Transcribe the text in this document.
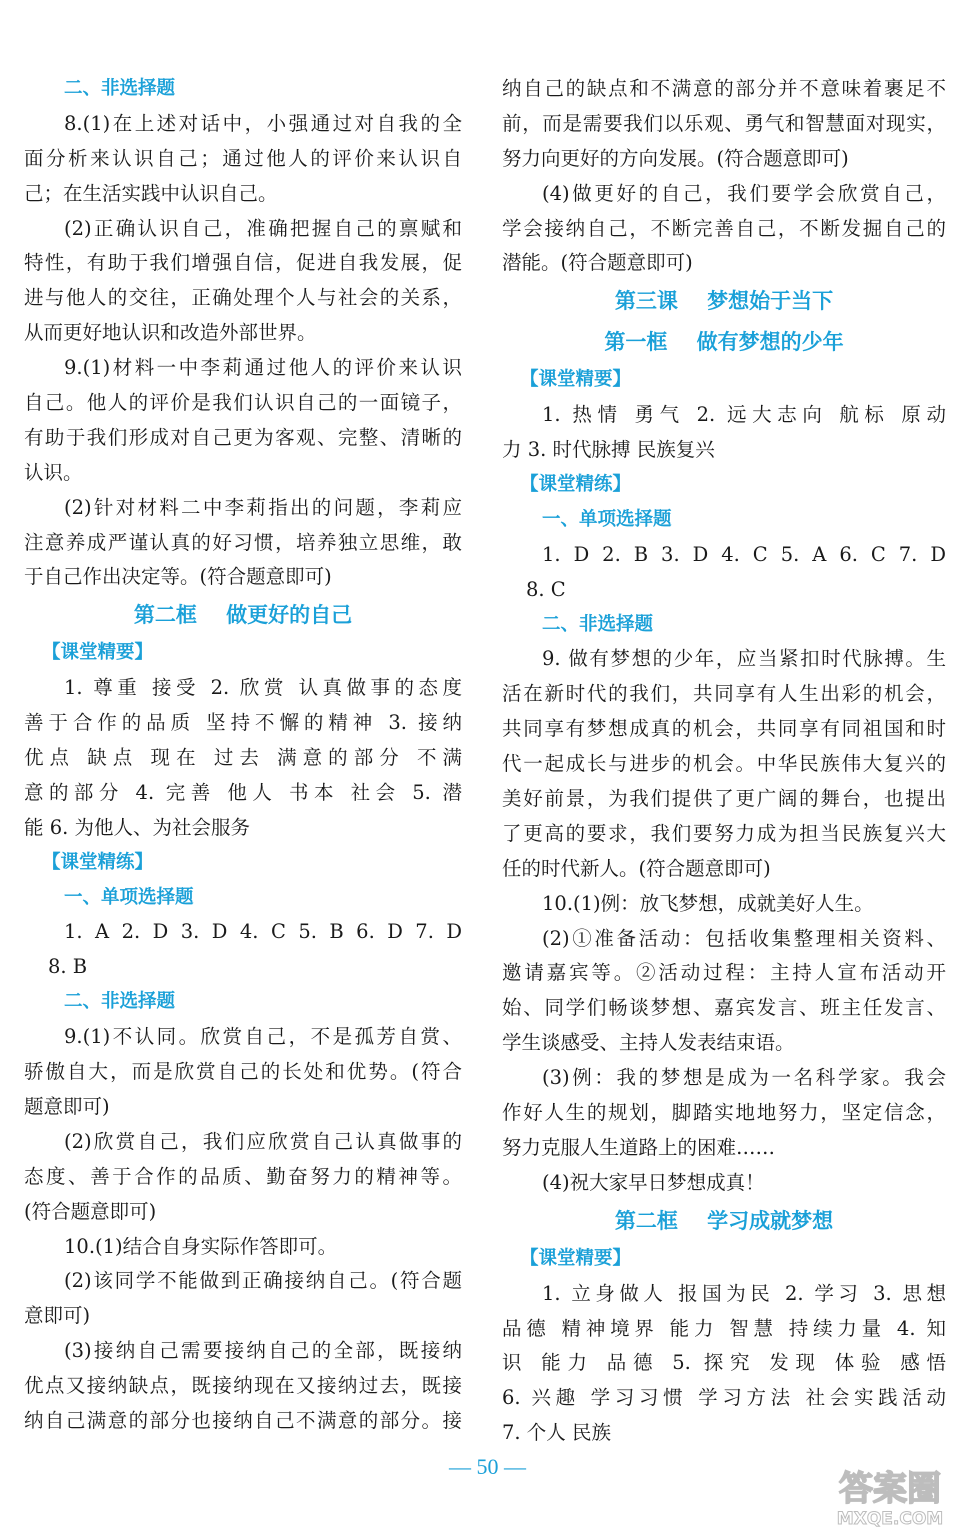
二、非选择题
8.(1)在上述对话中，小强通过对自我的全
面分析来认识自己；通过他人的评价来认识自
己；在生活实践中认识自己。
(2)正确认识自己，准确把握自己的禀赋和
特性，有助于我们增强自信，促进自我发展，促
进与他人的交往，正确处理个人与社会的关系，
从而更好地认识和改造外部世界。
9.(1)材料一中李莉通过他人的评价来认识
自己。他人的评价是我们认识自己的一面镜子，
有助于我们形成对自己更为客观、完整、清晰的
认识。
(2)针对材料二中李莉指出的问题，李莉应
注意养成严谨认真的好习惯，培养独立思维，敢
于自己作出决定等。(符合题意即可)
第二框    做更好的自己
【课堂精要】
1. 尊重 接受 2. 欣赏 认真做事的态度
善于合作的品质 坚持不懈的精神 3. 接纳
优点 缺点 现在 过去 满意的部分 不满
意的部分 4. 完善 他人 书本 社会 5. 潜
能 6. 为他人、为社会服务
【课堂精练】
一、单项选择题
1. A 2. D 3. D 4. C 5. B 6. D 7. D
8. B
二、非选择题
9.(1)不认同。欣赏自己，不是孤芳自赏、
骄傲自大，而是欣赏自己的长处和优势。(符合
题意即可)
(2)欣赏自己，我们应欣赏自己认真做事的
态度、善于合作的品质、勤奋努力的精神等。
(符合题意即可)
10.(1)结合自身实际作答即可。
(2)该同学不能做到正确接纳自己。(符合题
意即可)
(3)接纳自己需要接纳自己的全部，既接纳
优点又接纳缺点，既接纳现在又接纳过去，既接
纳自己满意的部分也接纳自己不满意的部分。接
纳自己的缺点和不满意的部分并不意味着裹足不
前，而是需要我们以乐观、勇气和智慧面对现实，
努力向更好的方向发展。(符合题意即可)
(4)做更好的自己，我们要学会欣赏自己，
学会接纳自己，不断完善自己，不断发掘自己的
潜能。(符合题意即可)
第三课    梦想始于当下
第一框    做有梦想的少年
【课堂精要】
1. 热情 勇气 2. 远大志向 航标 原动
力 3. 时代脉搏 民族复兴
【课堂精练】
一、单项选择题
1. D 2. B 3. D 4. C 5. A 6. C 7. D
8. C
二、非选择题
9. 做有梦想的少年，应当紧扣时代脉搏。生
活在新时代的我们，共同享有人生出彩的机会，
共同享有梦想成真的机会，共同享有同祖国和时
代一起成长与进步的机会。中华民族伟大复兴的
美好前景，为我们提供了更广阔的舞台，也提出
了更高的要求，我们要努力成为担当民族复兴大
任的时代新人。(符合题意即可)
10.(1)例：放飞梦想，成就美好人生。
(2)①准备活动：包括收集整理相关资料、
邀请嘉宾等。②活动过程：主持人宣布活动开
始、同学们畅谈梦想、嘉宾发言、班主任发言、
学生谈感受、主持人发表结束语。
(3)例：我的梦想是成为一名科学家。我会
作好人生的规划，脚踏实地地努力，坚定信念，
努力克服人生道路上的困难……
(4)祝大家早日梦想成真！
第二框    学习成就梦想
【课堂精要】
1. 立身做人 报国为民 2. 学习 3. 思想
品德 精神境界 能力 智慧 持续力量 4. 知
识 能力 品德 5. 探究 发现 体验 感悟
6. 兴趣 学习习惯 学习方法 社会实践活动
7. 个人 民族
— 50 —
答案圈
MXQE.COM
